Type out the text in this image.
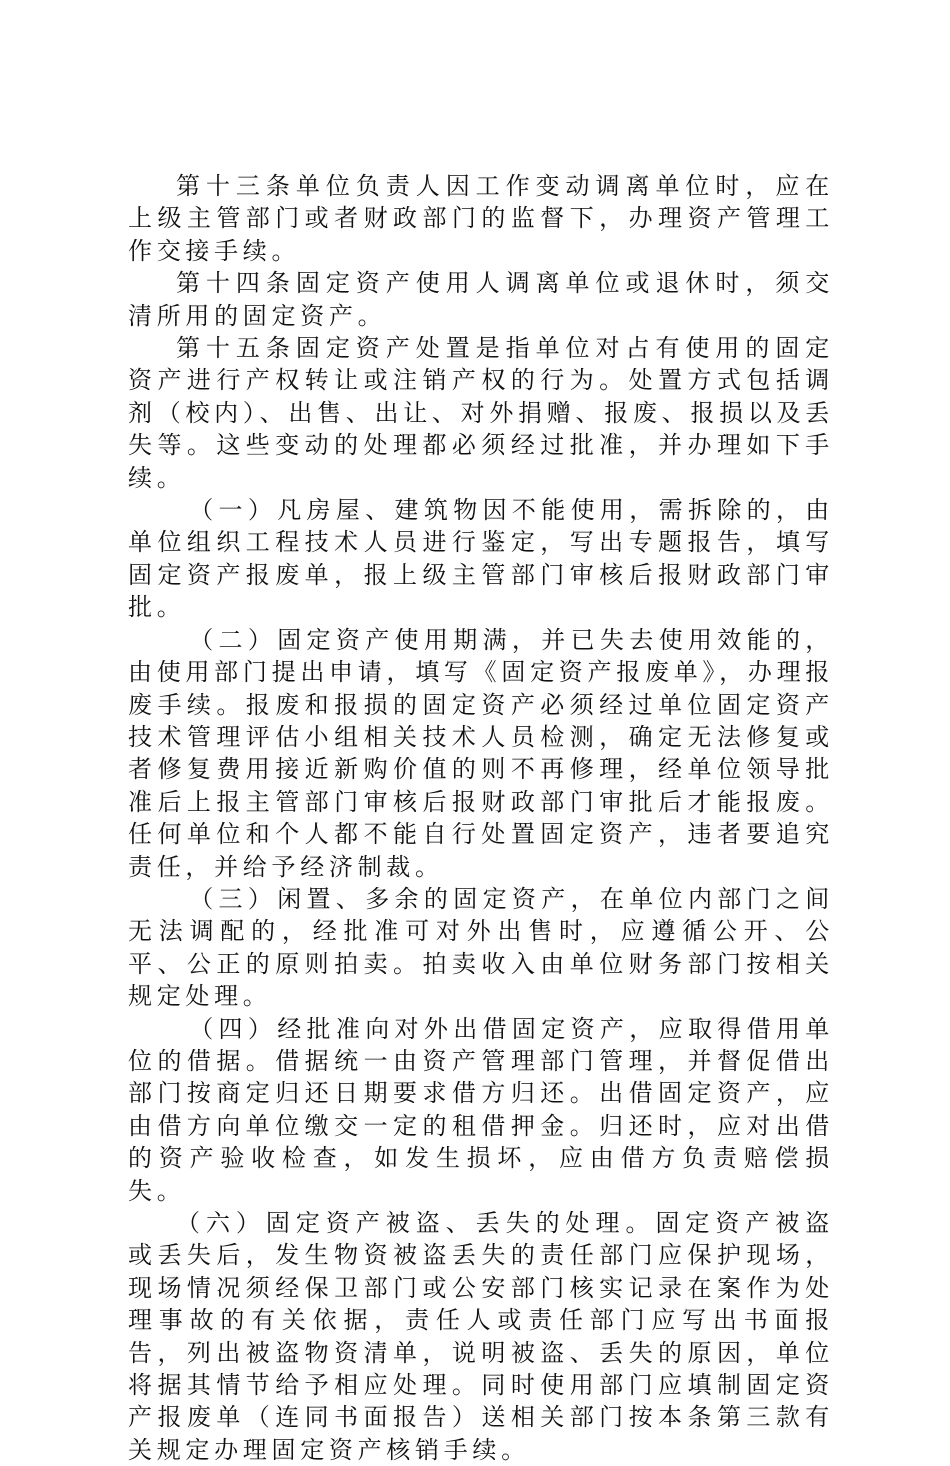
第十三条单位负责人因工作变动调离单位时，应在上级主管部门或者财政部门的监督下，办理资产管理工作交接手续。

第十四条固定资产使用人调离单位或退休时，须交清所用的固定资产。

第十五条固定资产处置是指单位对占有使用的固定资产进行产权转让或注销产权的行为。处置方式包括调剂（校内）、出售、出让、对外捐赠、报废、报损以及丢失等。这些变动的处理都必须经过批准，并办理如下手续。

（一）凡房屋、建筑物因不能使用，需拆除的，由单位组织工程技术人员进行鉴定，写出专题报告，填写固定资产报废单，报上级主管部门审核后报财政部门审批。

（二）固定资产使用期满，并已失去使用效能的，由使用部门提出申请，填写《固定资产报废单》，办理报废手续。报废和报损的固定资产必须经过单位固定资产技术管理评估小组相关技术人员检测，确定无法修复或者修复费用接近新购价值的则不再修理，经单位领导批准后上报主管部门审核后报财政部门审批后才能报废。任何单位和个人都不能自行处置固定资产，违者要追究责任，并给予经济制裁。

（三）闲置、多余的固定资产，在单位内部门之间无法调配的，经批准可对外出售时，应遵循公开、公平、公正的原则拍卖。拍卖收入由单位财务部门按相关规定处理。

（四）经批准向对外出借固定资产，应取得借用单位的借据。借据统一由资产管理部门管理，并督促借出部门按商定归还日期要求借方归还。出借固定资产，应由借方向单位缴交一定的租借押金。归还时，应对出借的资产验收检查，如发生损坏，应由借方负责赔偿损失。

（六）固定资产被盗、丢失的处理。固定资产被盗或丢失后，发生物资被盗丢失的责任部门应保护现场，现场情况须经保卫部门或公安部门核实记录在案作为处理事故的有关依据，责任人或责任部门应写出书面报告，列出被盗物资清单，说明被盗、丢失的原因，单位将据其情节给予相应处理。同时使用部门应填制固定资产报废单（连同书面报告）送相关部门按本条第三款有关规定办理固定资产核销手续。
